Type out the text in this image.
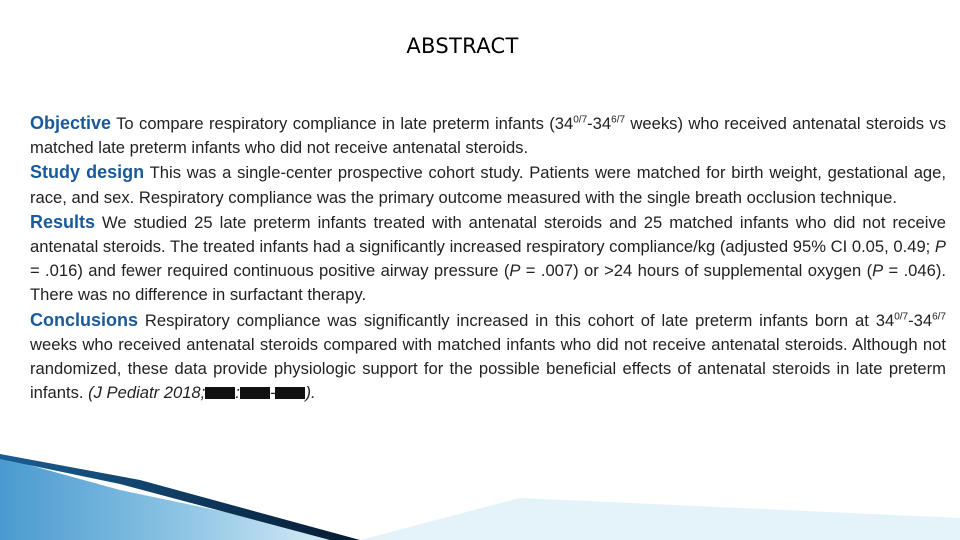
ABSTRACT

Objective To compare respiratory compliance in late preterm infants ($34^{0/7}-34^{6/7}$ weeks) who received antenatal steroids vs matched late preterm infants who did not receive antenatal steroids.

Study design This was a single-center prospective cohort study. Patients were matched for birth weight, gestational age, race, and sex. Respiratory compliance was the primary outcome measured with the single breath occlusion technique.

Results We studied 25 late preterm infants treated with antenatal steroids and 25 matched infants who did not receive antenatal steroids. The treated infants had a significantly increased respiratory compliance/kg (adjusted 95% CI 0.05, 0.49; P = .016) and fewer required continuous positive airway pressure (P = .007) or >24 hours of supplemental oxygen (P = .046). There was no difference in surfactant therapy.

Conclusions Respiratory compliance was significantly increased in this cohort of late preterm infants born at $34^{0/7}-34^{6/7}$ weeks who received antenatal steroids compared with matched infants who did not receive antenatal steroids. Although not randomized, these data provide physiologic support for the possible beneficial effects of antenatal steroids in late preterm infants. (J Pediatr 2018; : - ).
